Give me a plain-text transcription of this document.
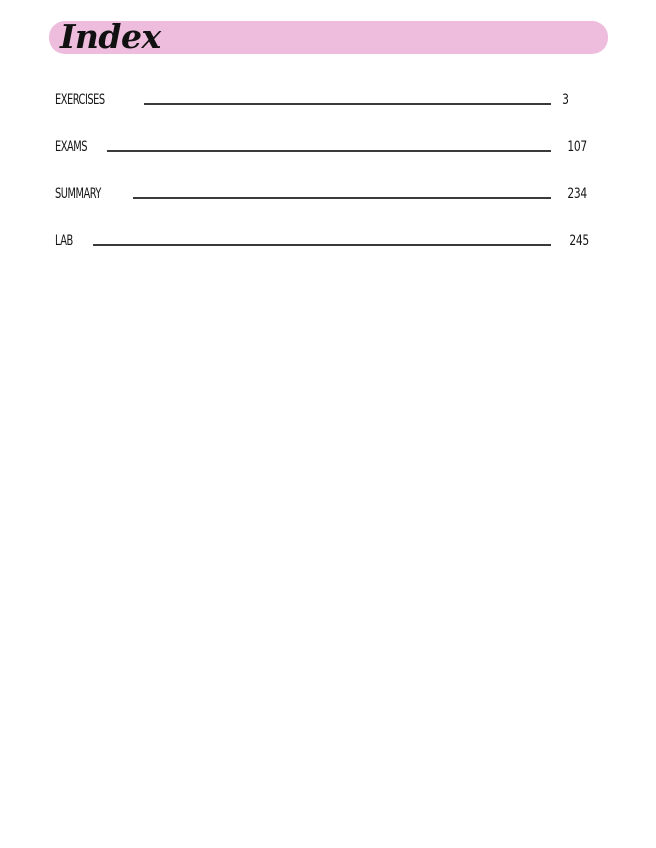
Index
EXERCISES	3
EXAMS	107
SUMMARY	234
LAB	245
